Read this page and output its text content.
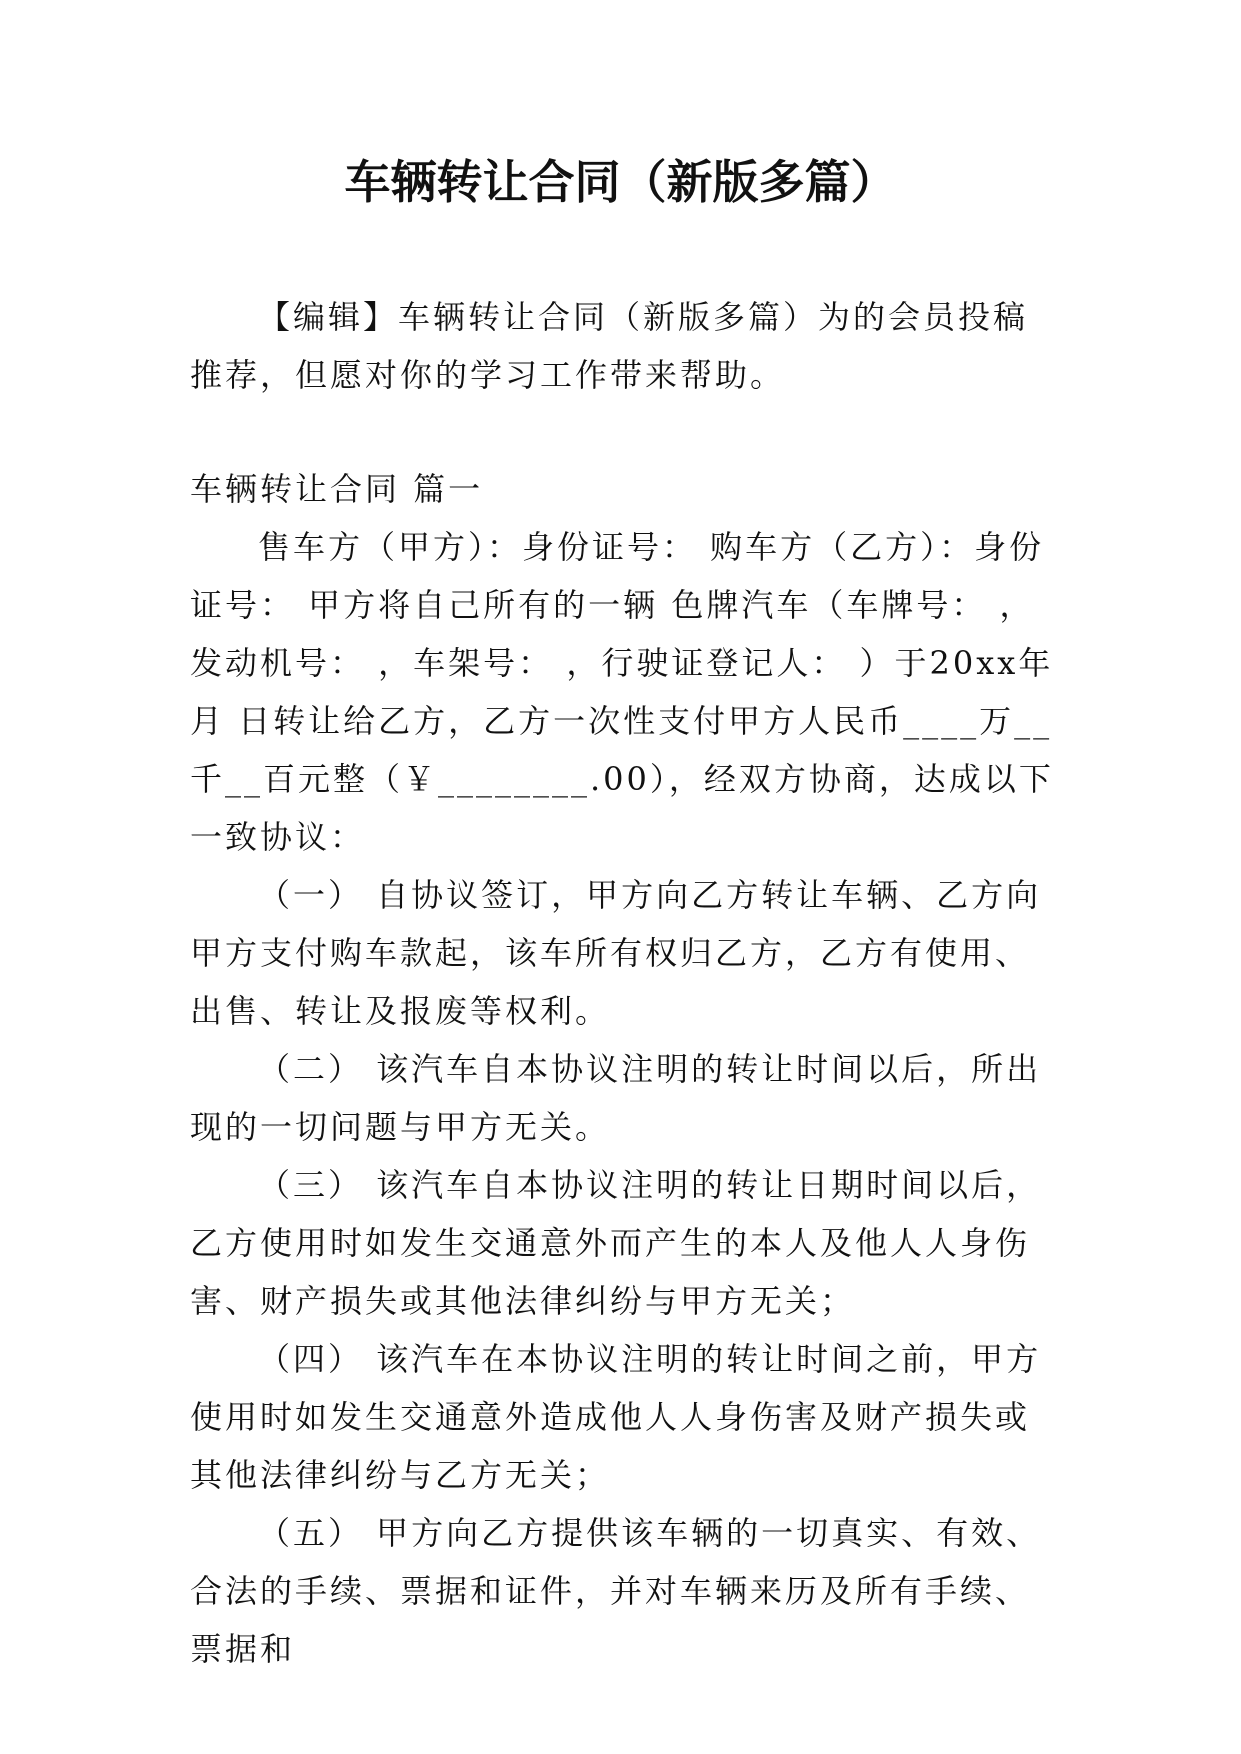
车辆转让合同（新版多篇）

【编辑】车辆转让合同（新版多篇）为的会员投稿推荐，但愿对你的学习工作带来帮助。

车辆转让合同 篇一

售车方（甲方）：身份证号： 购车方（乙方）：身份证号： 甲方将自己所有的一辆 色牌汽车（车牌号： ，发动机号： ，车架号： ，行驶证登记人： ）于20xx年 月 日转让给乙方，乙方一次性支付甲方人民币____万__千__百元整（￥________.00），经双方协商，达成以下一致协议：

（一） 自协议签订，甲方向乙方转让车辆、乙方向甲方支付购车款起，该车所有权归乙方，乙方有使用、出售、转让及报废等权利。

（二） 该汽车自本协议注明的转让时间以后，所出现的一切问题与甲方无关。

（三） 该汽车自本协议注明的转让日期时间以后，乙方使用时如发生交通意外而产生的本人及他人人身伤害、财产损失或其他法律纠纷与甲方无关；

（四） 该汽车在本协议注明的转让时间之前，甲方使用时如发生交通意外造成他人人身伤害及财产损失或其他法律纠纷与乙方无关；

（五） 甲方向乙方提供该车辆的一切真实、有效、合法的手续、票据和证件，并对车辆来历及所有手续、票据和
